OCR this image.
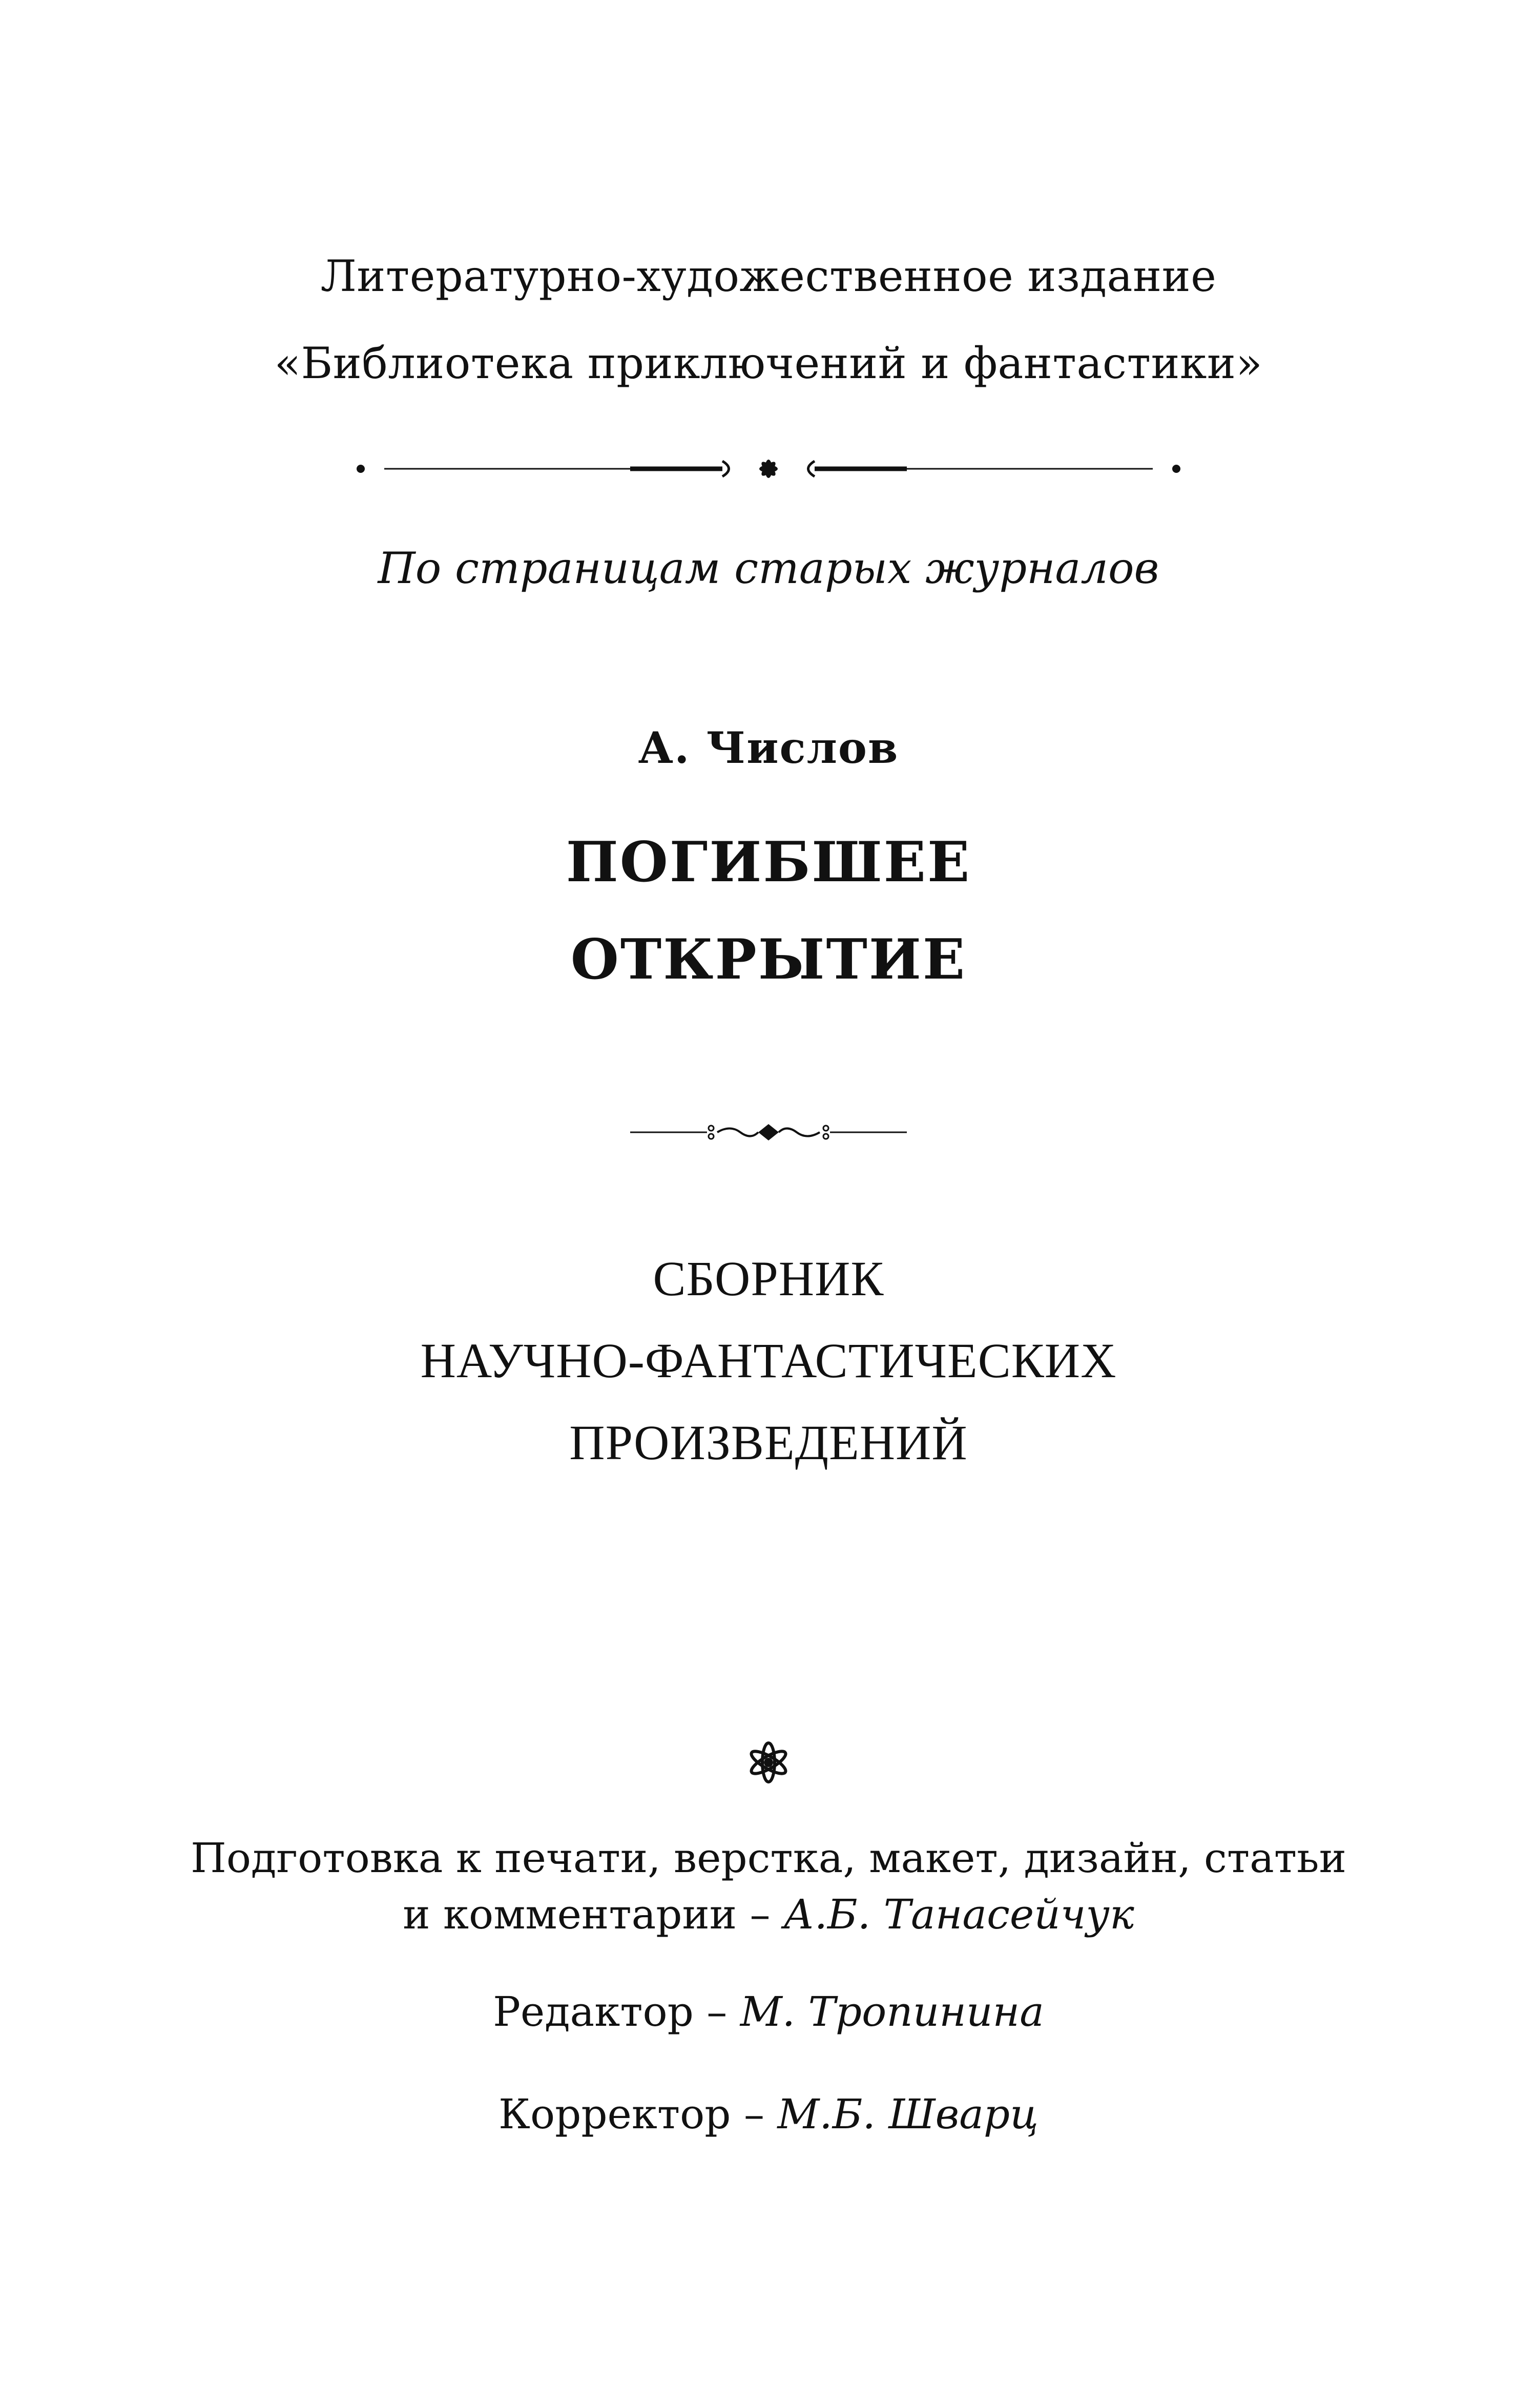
Литературно-художественное издание
«Библиотека приключений и фантастики»
По страницам старых журналов
А. Числов
ПОГИБШЕЕ
ОТКРЫТИЕ
СБОРНИК
НАУЧНО-ФАНТАСТИЧЕСКИХ
ПРОИЗВЕДЕНИЙ
Подготовка к печати, верстка, макет, дизайн, статьи
и комментарии – А.Б. Танасейчук
Редактор – М. Тропинина
Корректор – М.Б. Шварц
